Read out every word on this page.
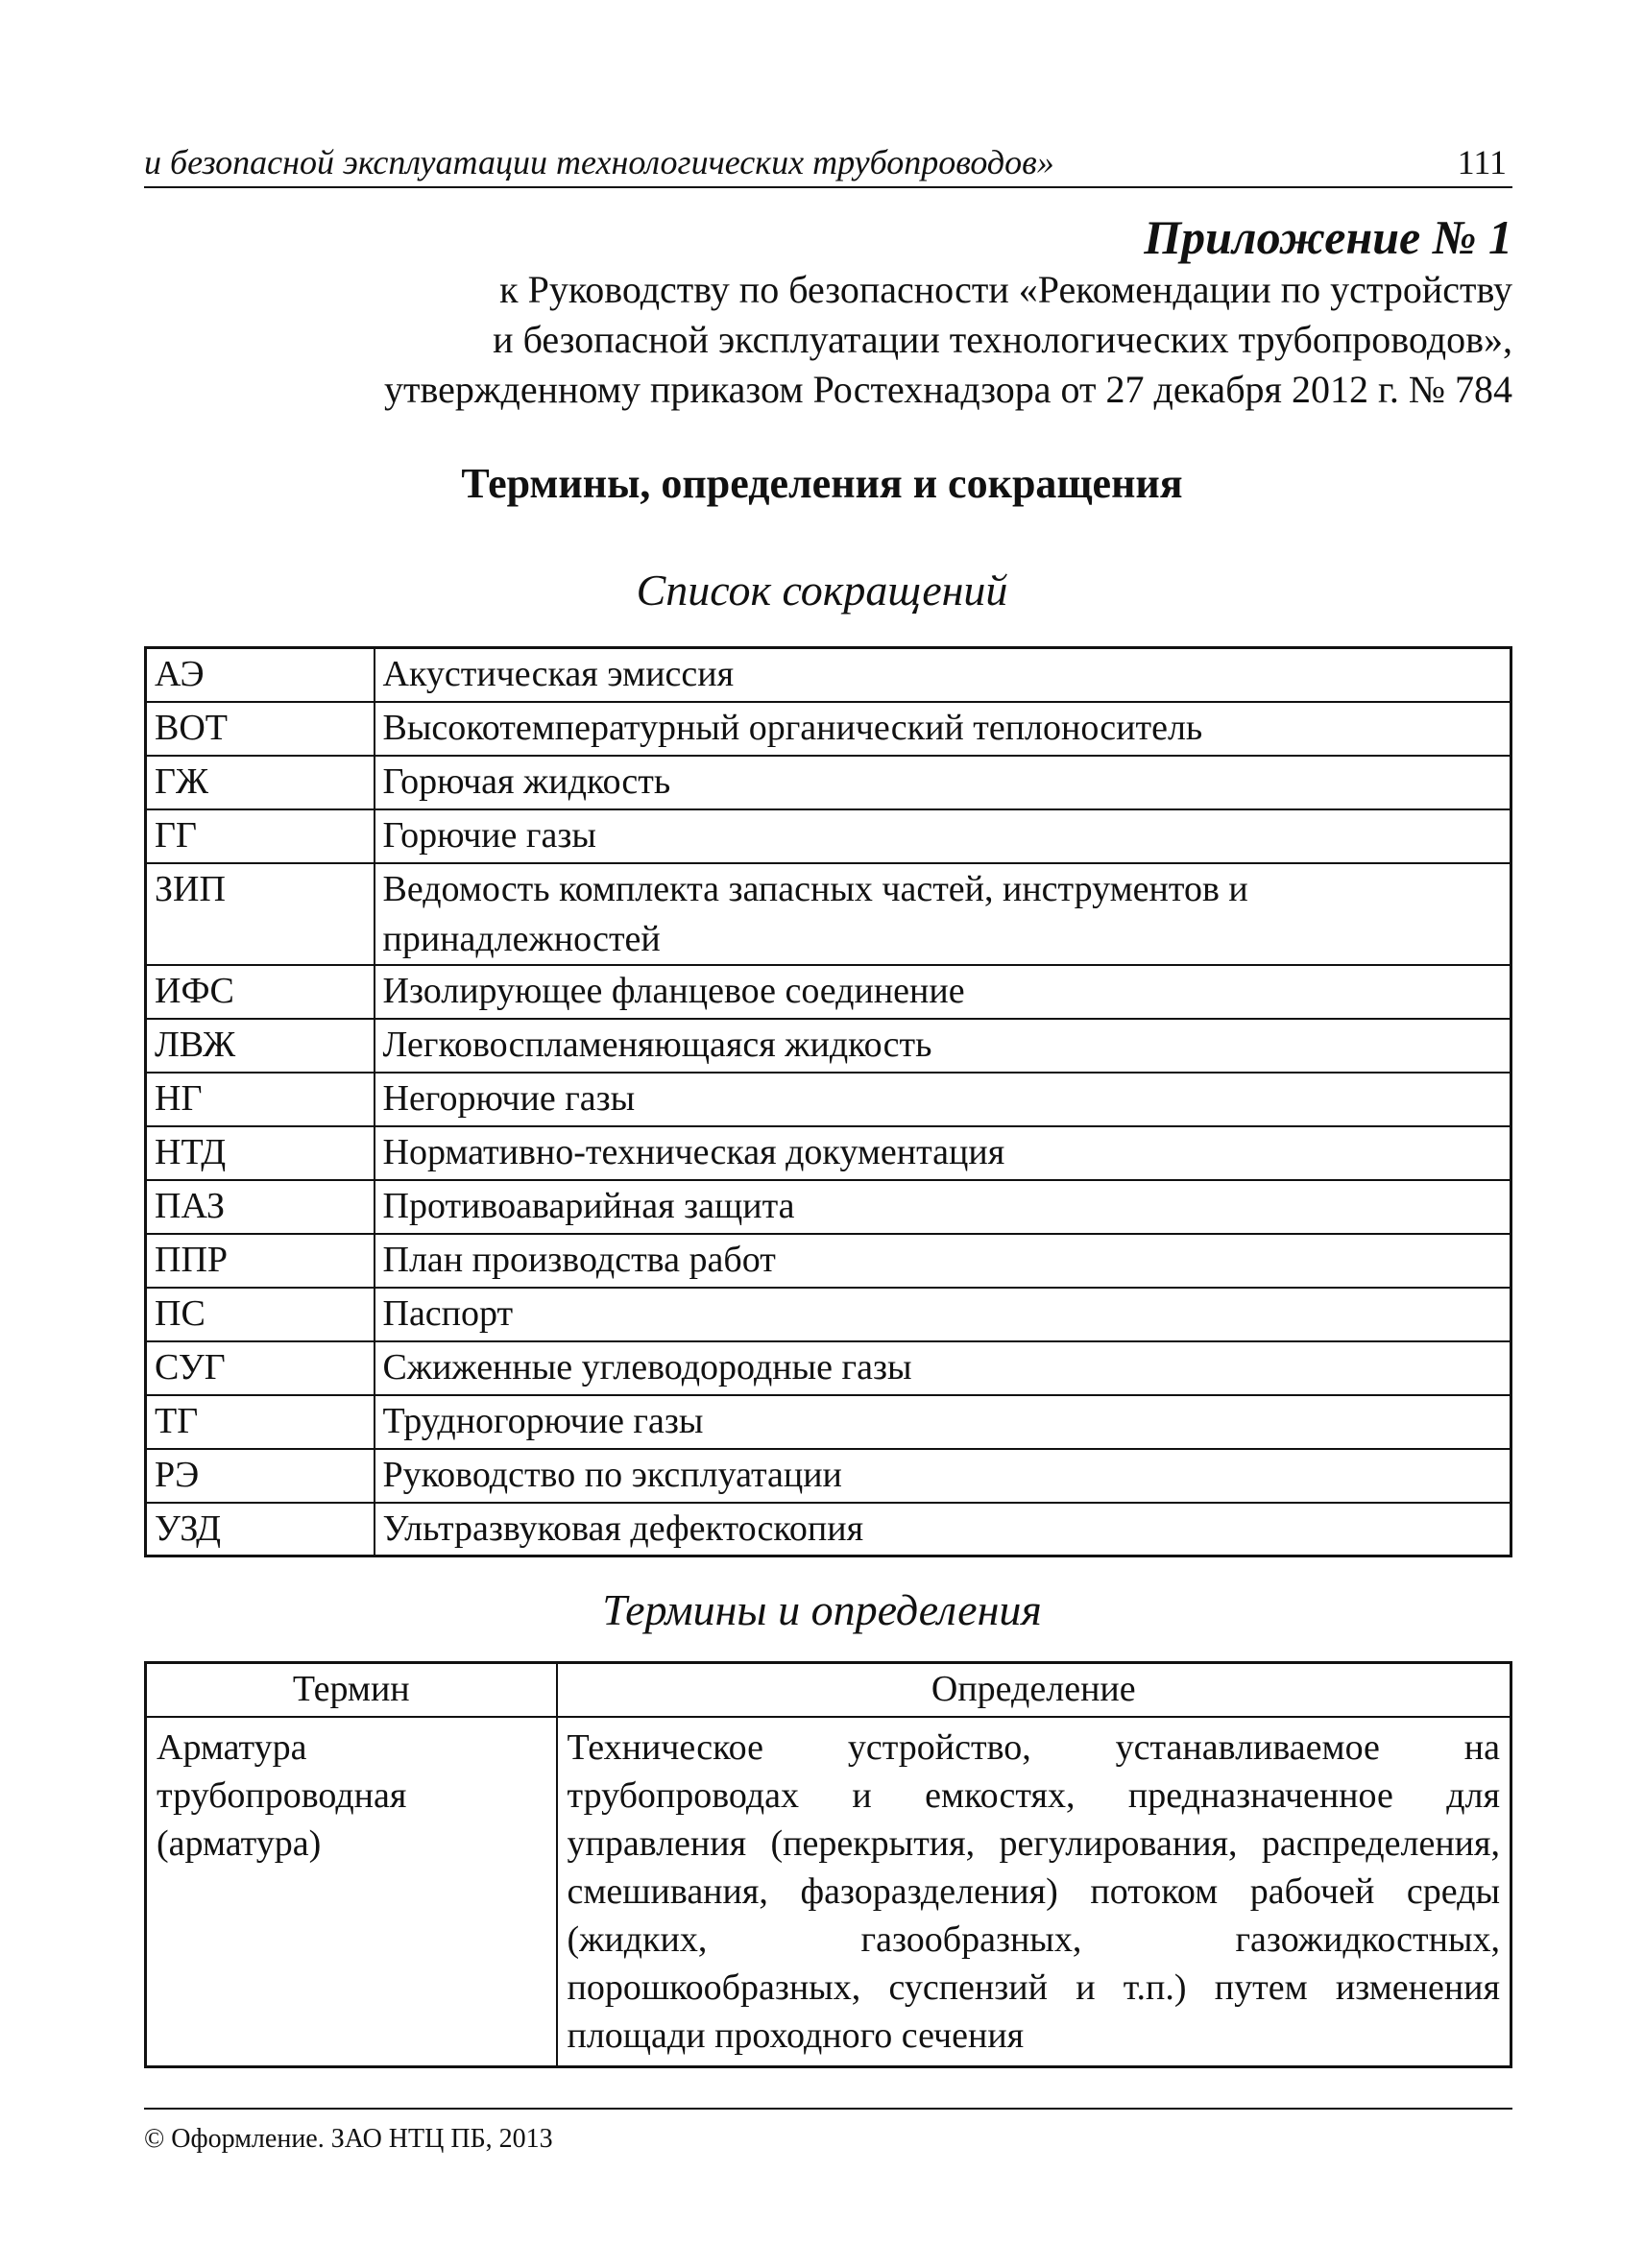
и безопасной эксплуатации технологических трубопроводов»	111
Приложение № 1
к Руководству по безопасности «Рекомендации по устройству
и безопасной эксплуатации технологических трубопроводов»,
утвержденному приказом Ростехнадзора от 27 декабря 2012 г. № 784
Термины, определения и сокращения
Список сокращений
АЭ	Акустическая эмиссия
ВОТ	Высокотемпературный органический теплоноситель
ГЖ	Горючая жидкость
ГГ	Горючие газы
ЗИП	Ведомость комплекта запасных частей, инструментов и принадлежностей
ИФС	Изолирующее фланцевое соединение
ЛВЖ	Легковоспламеняющаяся жидкость
НГ	Негорючие газы
НТД	Нормативно-техническая документация
ПАЗ	Противоаварийная защита
ППР	План производства работ
ПС	Паспорт
СУГ	Сжиженные углеводородные газы
ТГ	Трудногорючие газы
РЭ	Руководство по эксплуатации
УЗД	Ультразвуковая дефектоскопия
Термины и определения
Термин	Определение
Арматура трубопроводная (арматура)	Техническое устройство, устанавливаемое на трубопроводах и емкостях, предназначенное для управления (перекрытия, регулирования, распределения, смешивания, фазоразделения) потоком рабочей среды (жидких, газообразных, газожидкостных, порошкообразных, суспензий и т.п.) путем изменения площади проходного сечения
© Оформление. ЗАО НТЦ ПБ, 2013
